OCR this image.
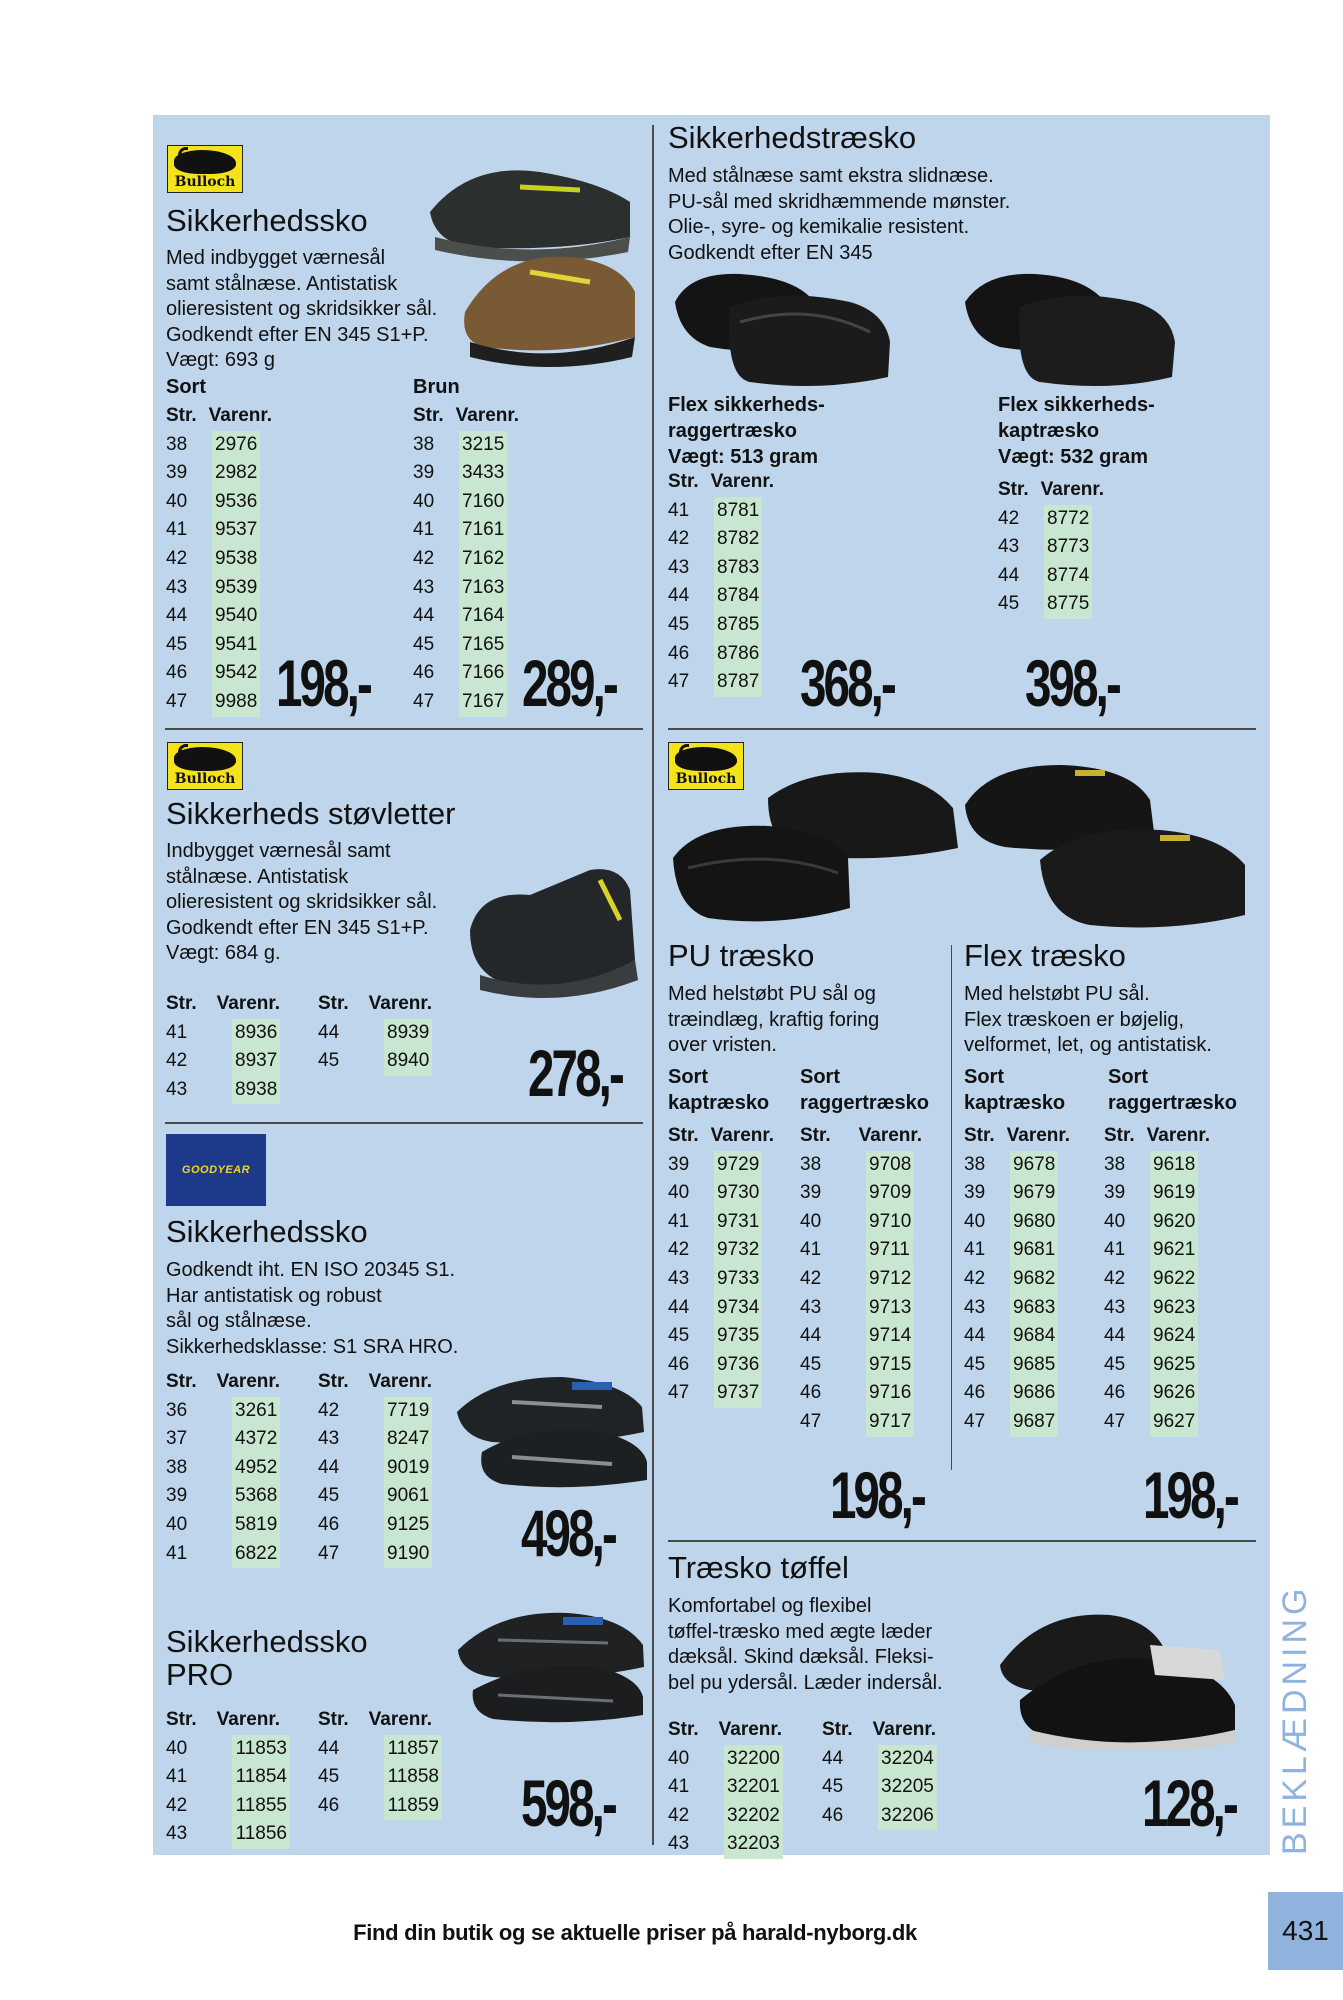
Bulloch
Sikkerhedssko
Med indbygget værnesål
samt stålnæse. Antistatisk
olieresistent og skridsikker sål.
Godkendt efter EN 345 S1+P.
Vægt: 693 g
Sort	Brun
Str. Varenr.
38 2976
39 2982
40 9536
41 9537
42 9538
43 9539
44 9540
45 9541
46 9542
47 9988
Str. Varenr.
38 3215
39 3433
40 7160
41 7161
42 7162
43 7163
44 7164
45 7165
46 7166
47 7167
198,- 289,-
Sikkerhedstræsko
Med stålnæse samt ekstra slidnæse.
PU-sål med skridhæmmende mønster.
Olie-, syre- og kemikalie resistent.
Godkendt efter EN 345
Flex sikkerheds-
raggertræsko
Vægt: 513 gram
Flex sikkerheds-
kaptræsko
Vægt: 532 gram
Str. Varenr.
41 8781
42 8782
43 8783
44 8784
45 8785
46 8786
47 8787
Str. Varenr.
42 8772
43 8773
44 8774
45 8775
368,- 398,-
Bulloch
Sikkerheds støvletter
Indbygget værnesål samt
stålnæse. Antistatisk
olieresistent og skridsikker sål.
Godkendt efter EN 345 S1+P.
Vægt: 684 g.
Str. Varenr.
41	8936
42	8937
43	8938
Str. Varenr.
44	8939
45	8940 278,-
GOODYEAR
Sikkerhedssko
Godkendt iht. EN ISO 20345 S1.
Har antistatisk og robust
sål og stålnæse.
Sikkerhedsklasse: S1 SRA HRO.
Str. Varenr.
36	3261
37	4372
38	4952
39	5368
40	5819
41	6822
Str. Varenr.
42	7719
43	8247
44	9019
45	9061
46	9125
47	9190 498,-
Sikkerhedssko
PRO
Str. Varenr.
40	11853
41	11854
42	11855
43	11856
Str. Varenr.
44	11857
45	11858
46	11859 598,-
Bulloch
PU træsko
Med helstøbt PU sål og
træindlæg, kraftig foring
over vristen.
Sort
kaptræsko
Sort
raggertræsko
Str. Varenr.
39 9729
40 9730
41 9731
42 9732
43 9733
44 9734
45 9735
46 9736
47 9737
Str. Varenr.
38	9708
39	9709
40	9710
41	9711
42	9712
43	9713
44	9714
45	9715
46	9716
47	9717
198,-
Flex træsko
Med helstøbt PU sål.
Flex træskoen er bøjelig,
velformet, let, og antistatisk.
Sort
kaptræsko
Sort
raggertræsko
Str. Varenr.
38 9678
39 9679
40 9680
41 9681
42 9682
43 9683
44 9684
45 9685
46 9686
47 9687
Str. Varenr.
38 9618
39 9619
40 9620
41 9621
42 9622
43 9623
44 9624
45 9625
46 9626
47 9627
198,-
Træsko tøffel
Komfortabel og flexibel
tøffel-træsko med ægte læder
dæksål. Skind dæksål. Fleksi-
bel pu ydersål. Læder indersål.
Str. Varenr.
40 32200
41 32201
42 32202
43 32203
Str. Varenr.
44 32204
45 32205
46 32206	128,- BEKLÆDNING
Find din butik og se aktuelle priser på harald-nyborg.dk	431
